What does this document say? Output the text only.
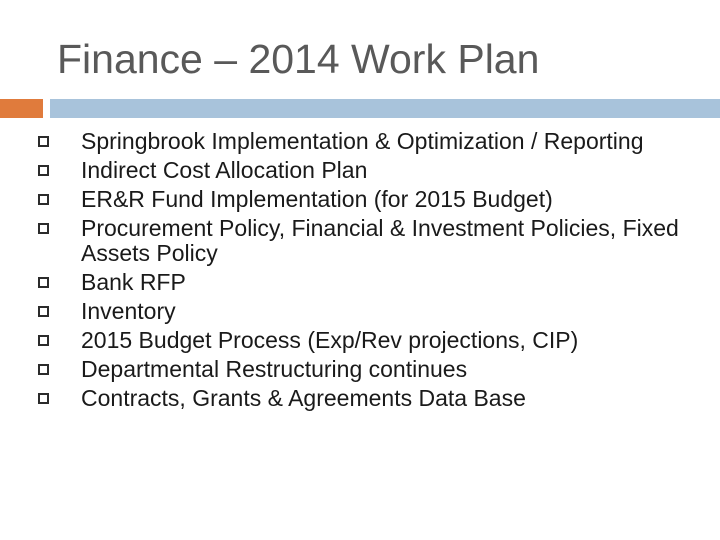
Finance – 2014 Work Plan
Springbrook Implementation & Optimization / Reporting
Indirect Cost Allocation Plan
ER&R Fund Implementation (for 2015 Budget)
Procurement Policy, Financial & Investment Policies, Fixed Assets Policy
Bank RFP
Inventory
2015 Budget Process (Exp/Rev projections, CIP)
Departmental Restructuring continues
Contracts, Grants & Agreements Data Base
